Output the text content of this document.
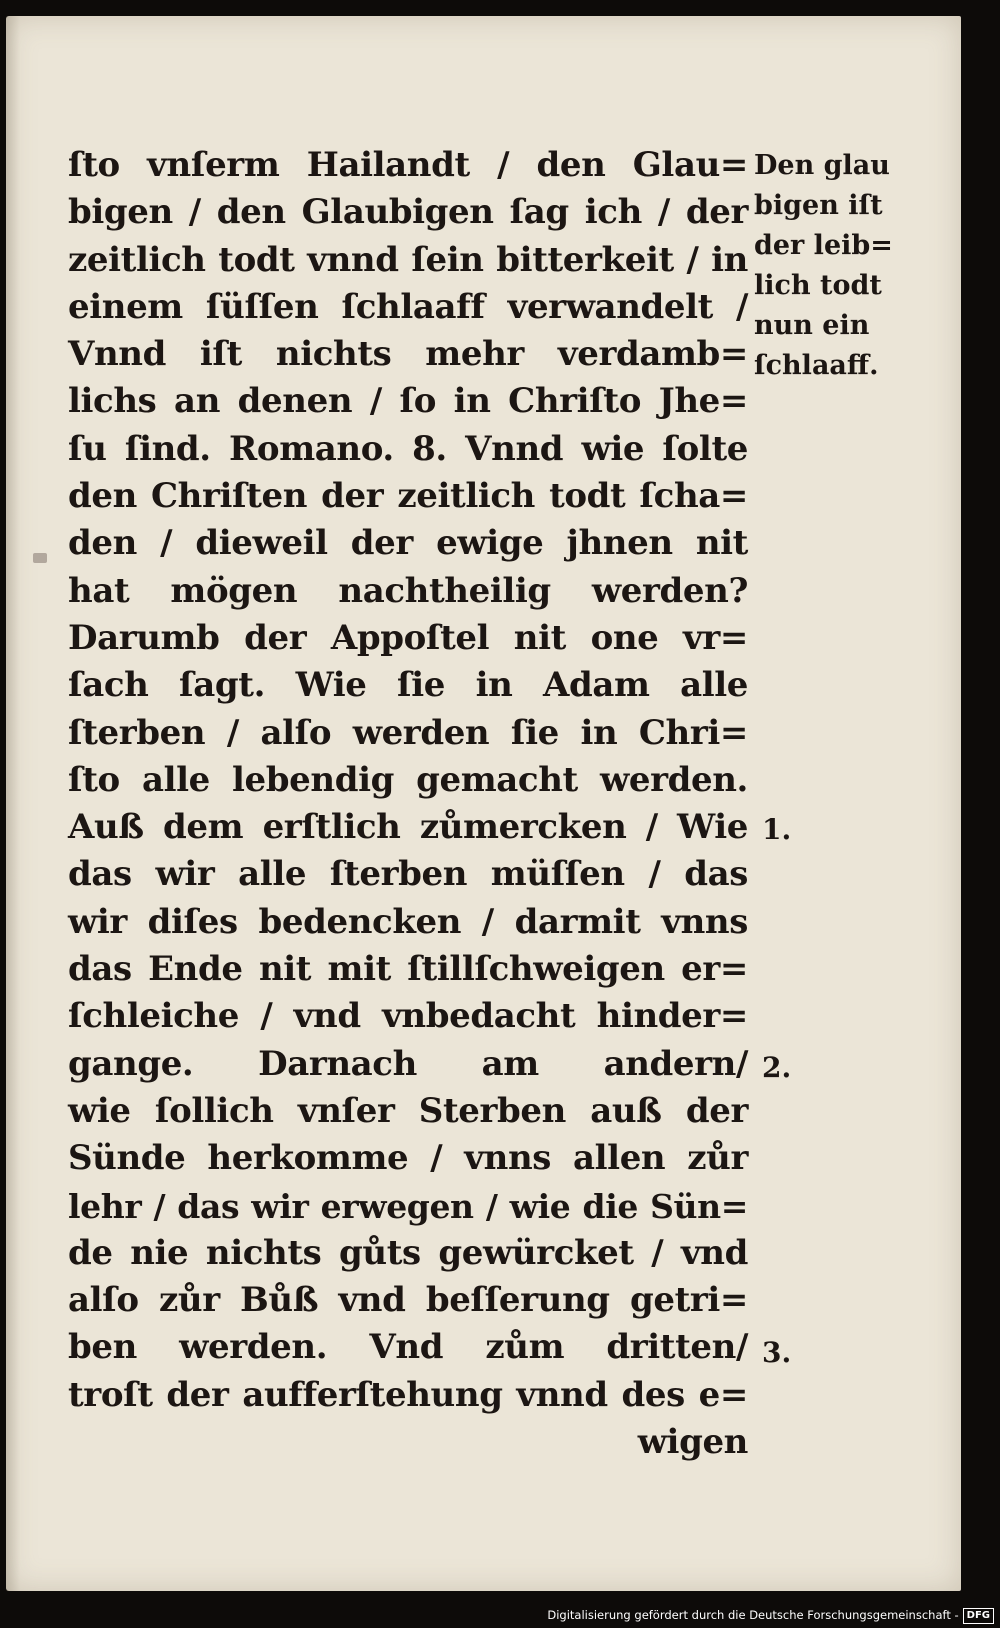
ſto vnſerm Hailandt / den Glau=
bigen / den Glaubigen ſag ich / der
zeitlich todt vnnd ſein bitterkeit / in
einem ſüſſen ſchlaaff verwandelt /
Vnnd iſt nichts mehr verdamb=
lichs an denen / ſo in Chriſto Jhe=
ſu ſind. Romano. 8. Vnnd wie ſolte
den Chriſten der zeitlich todt ſcha=
den / dieweil der ewige jhnen nit
hat mögen nachtheilig werden?
Darumb der Appoſtel nit one vr=
ſach ſagt. Wie ſie in Adam alle
ſterben / alſo werden ſie in Chri=
ſto alle lebendig gemacht werden.
Auß dem erſtlich zůmercken / Wie
das wir alle ſterben müſſen / das
wir diſes bedencken / darmit vnns
das Ende nit mit ſtillſchweigen er=
ſchleiche / vnd vnbedacht hinder=
gange. Darnach am andern/
wie ſollich vnſer Sterben auß der
Sünde herkomme / vnns allen zůr
lehr / das wir erwegen / wie die Sün=
de nie nichts gůts gewürcket / vnd
alſo zůr Bůß vnd beſſerung getri=
ben werden. Vnd zům dritten/
troſt der aufferſtehung vnnd des e=
wigen
Den glau
bigen iſt
der leib=
lich todt
nun ein
ſchlaaff.
1.
2.
3.
Digitalisierung gefördert durch die Deutsche Forschungsgemeinschaft - DFG
